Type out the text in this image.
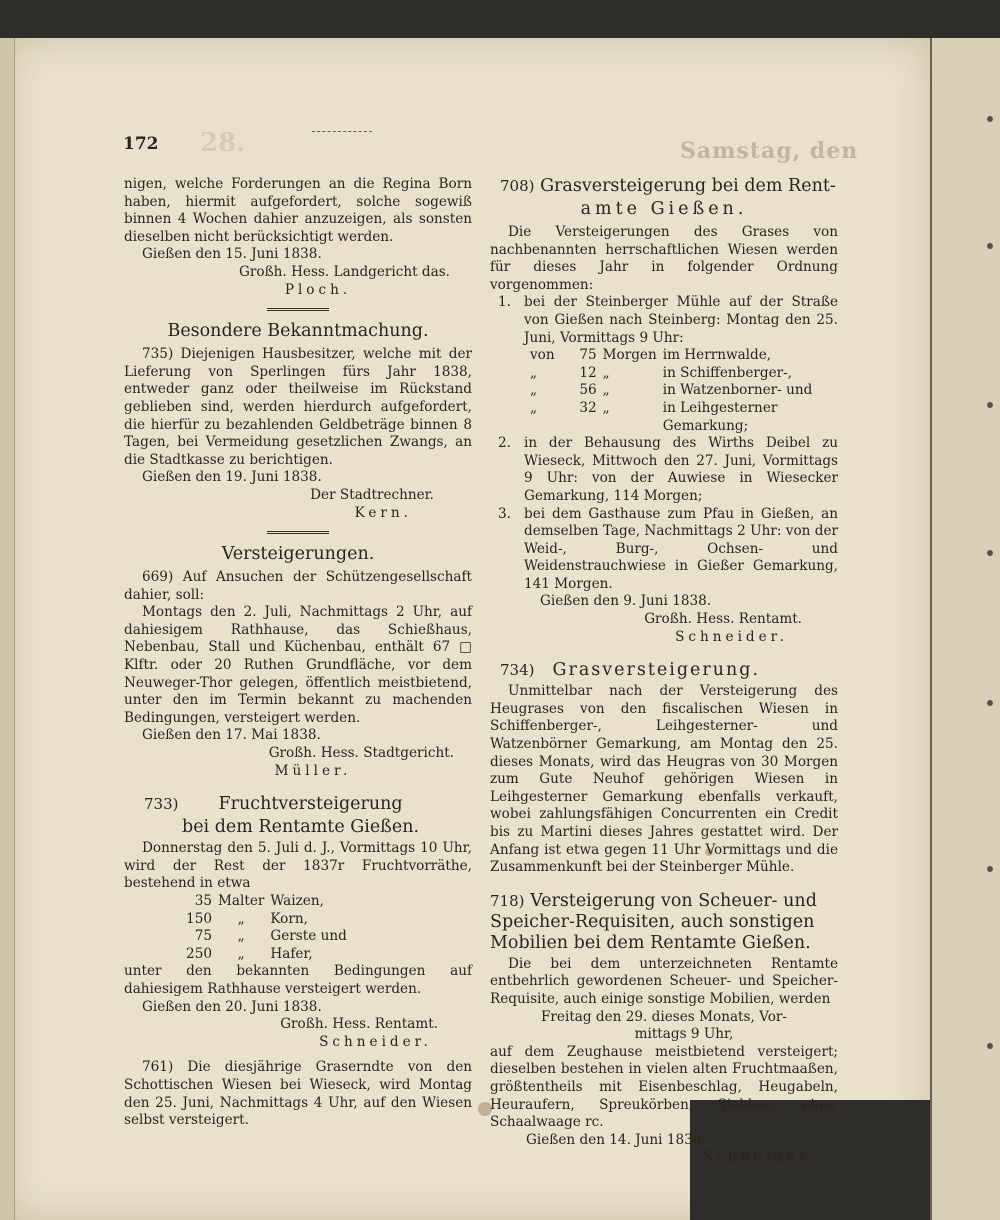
Samstag, den
28.
172

nigen, welche Forderungen an die Regina Born haben, hiermit aufgefordert, solche sogewiß binnen 4 Wochen dahier anzuzeigen, als sonsten dieselben nicht berücksichtigt werden.

Gießen den 15. Juni 1838.

Großh. Hess. Landgericht das.

Ploch.

Besondere Bekanntmachung.

735) Diejenigen Hausbesitzer, welche mit der Lieferung von Sperlingen fürs Jahr 1838, entweder ganz oder theilweise im Rückstand geblieben sind, werden hierdurch aufgefordert, die hierfür zu bezahlenden Geldbeträge binnen 8 Tagen, bei Vermeidung gesetzlichen Zwangs, an die Stadtkasse zu berichtigen.

Gießen den 19. Juni 1838.

Der Stadtrechner.

Kern.

Versteigerungen.

669) Auf Ansuchen der Schützengesellschaft dahier, soll:

Montags den 2. Juli, Nachmittags 2 Uhr, auf dahiesigem Rathhause, das Schießhaus, Nebenbau, Stall und Küchenbau, enthält 67 □ Klftr. oder 20 Ruthen Grundfläche, vor dem Neuweger-Thor gelegen, öffentlich meistbietend, unter den im Termin bekannt zu machenden Bedingungen, versteigert werden.

Gießen den 17. Mai 1838.

Großh. Hess. Stadtgericht.

Müller.

733) Fruchtversteigerung
bei dem Rentamte Gießen.

Donnerstag den 5. Juli d. J., Vormittags 10 Uhr, wird der Rest der 1837r Fruchtvorräthe, bestehend in etwa

35	Malter	Waizen,
150	„	Korn,
75	„	Gerste und
250	„	Hafer,

unter den bekannten Bedingungen auf dahiesigem Rathhause versteigert werden.

Gießen den 20. Juni 1838.

Großh. Hess. Rentamt.

Schneider.

761) Die diesjährige Graserndte von den Schottischen Wiesen bei Wieseck, wird Montag den 25. Juni, Nachmittags 4 Uhr, auf den Wiesen selbst versteigert.

708) Grasversteigerung bei dem Rent-
amte Gießen.

Die Versteigerungen des Grases von nachbenannten herrschaftlichen Wiesen werden für dieses Jahr in folgender Ordnung vorgenommen:

1. bei der Steinberger Mühle auf der Straße von Gießen nach Steinberg: Montag den 25. Juni, Vormittags 9 Uhr:

von	75	Morgen	im Herrnwalde,
„	12	„	in Schiffenberger-,
„	56	„	in Watzenborner- und
„	32	„	in Leihgesterner Gemarkung;

2. in der Behausung des Wirths Deibel zu Wieseck, Mittwoch den 27. Juni, Vormittags 9 Uhr: von der Auwiese in Wiesecker Gemarkung, 114 Morgen;

3. bei dem Gasthause zum Pfau in Gießen, an demselben Tage, Nachmittags 2 Uhr: von der Weid-, Burg-, Ochsen- und Weidenstrauchwiese in Gießer Gemarkung, 141 Morgen.

Gießen den 9. Juni 1838.

Großh. Hess. Rentamt.

Schneider.

734) Grasversteigerung.

Unmittelbar nach der Versteigerung des Heugrases von den fiscalischen Wiesen in Schiffenberger-, Leihgesterner- und Watzenbörner Gemarkung, am Montag den 25. dieses Monats, wird das Heugras von 30 Morgen zum Gute Neuhof gehörigen Wiesen in Leihgesterner Gemarkung ebenfalls verkauft, wobei zahlungsfähigen Concurrenten ein Credit bis zu Martini dieses Jahres gestattet wird. Der Anfang ist etwa gegen 11 Uhr Vormittags und die Zusammenkunft bei der Steinberger Mühle.

718) Versteigerung von Scheuer- und Speicher-Requisiten, auch sonstigen Mobilien bei dem Rentamte Gießen.

Die bei dem unterzeichneten Rentamte entbehrlich gewordenen Scheuer- und Speicher-Requisite, auch einige sonstige Mobilien, werden

Freitag den 29. dieses Monats, Vor-

mittags 9 Uhr,

auf dem Zeughause meistbietend versteigert; dieselben bestehen in vielen alten Fruchtmaaßen, größtentheils mit Eisenbeschlag, Heugabeln, Heuraufern, Spreukörben, Siebben, einer Schaalwaage rc.

Gießen den 14. Juni 1838.

Schneider.
